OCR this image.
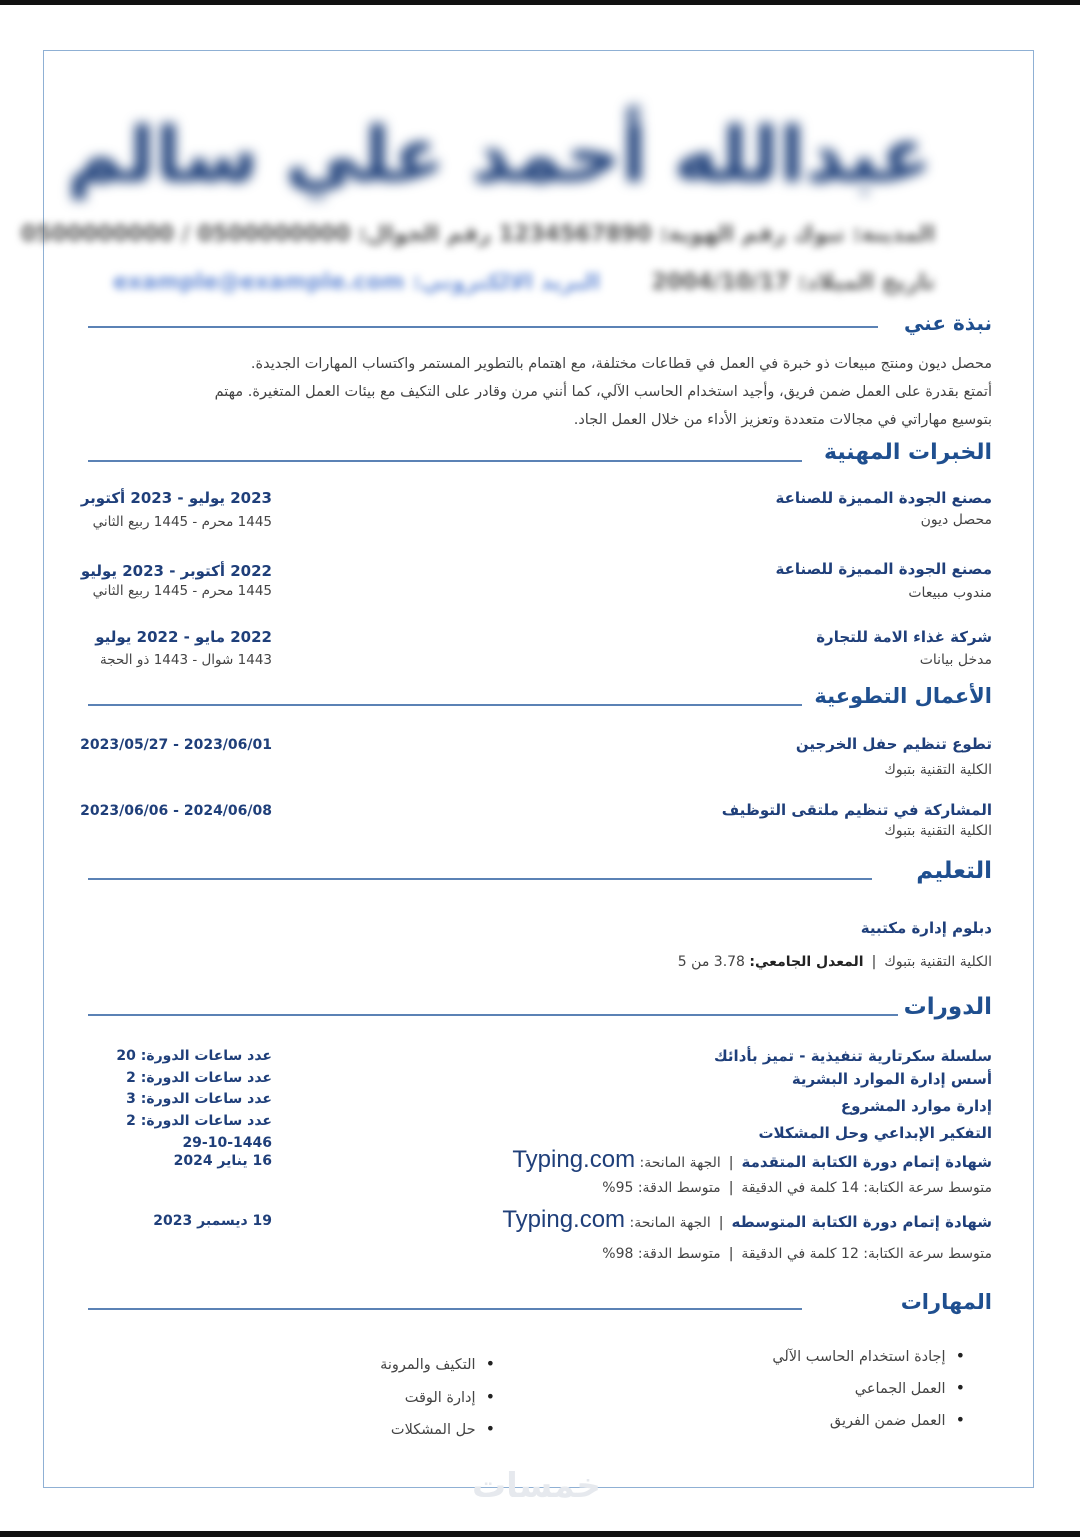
عبدالله أحمد علي سالم
المدينة: تبوك رقم الهوية: 1234567890 رقم الجوال: 0500000000 / 0500000000
تاريخ الميلاد: 2004/10/17
البريد الالكتروني: example@example.com
نبذة عني
محصل ديون ومنتج مبيعات ذو خبرة في العمل في قطاعات مختلفة، مع اهتمام بالتطوير المستمر واكتساب المهارات الجديدة.
أتمتع بقدرة على العمل ضمن فريق، وأجيد استخدام الحاسب الآلي، كما أنني مرن وقادر على التكيف مع بيئات العمل المتغيرة. مهتم
بتوسيع مهاراتي في مجالات متعددة وتعزيز الأداء من خلال العمل الجاد.
الخبرات المهنية
مصنع الجودة المميزة للصناعة
محصل ديون
2023 يوليو - 2023 أكتوبر
1445 محرم - 1445 ربيع الثاني
مصنع الجودة المميزة للصناعة
مندوب مبيعات
2022 أكتوبر - 2023 يوليو
1445 محرم - 1445 ربيع الثاني
شركة غذاء الامة للتجارة
مدخل بيانات
2022 مايو - 2022 يوليو
1443 شوال - 1443 ذو الحجة
الأعمال التطوعية
تطوع تنظيم حفل الخرجين
الكلية التقنية بتبوك
2023/06/01 - 2023/05/27
المشاركة في تنظيم ملتقى التوظيف
الكلية التقنية بتبوك
2024/06/08 - 2023/06/06
التعليم
دبلوم إدارة مكتبية
الكلية التقنية بتبوك|المعدل الجامعي: 3.78 من 5
الدورات
سلسلة سكرتارية تنفيذية - تميز بأدائك
أسس إدارة الموارد البشرية
إدارة موارد المشروع
التفكير الإبداعي وحل المشكلات
عدد ساعات الدورة: 20
عدد ساعات الدورة: 2
عدد ساعات الدورة: 3
عدد ساعات الدورة: 2
29-10-1446
16 يناير 2024
19 ديسمبر 2023
شهادة إتمام دورة الكتابة المتقدمة|الجهة المانحة: Typing.com
متوسط سرعة الكتابة: 14 كلمة في الدقيقة|متوسط الدقة: 95%
شهادة إتمام دورة الكتابة المتوسطه|الجهة المانحة: Typing.com
متوسط سرعة الكتابة: 12 كلمة في الدقيقة|متوسط الدقة: 98%
المهارات
• إجادة استخدام الحاسب الآلي
• العمل الجماعي
• العمل ضمن الفريق
• التكيف والمرونة
• إدارة الوقت
• حل المشكلات
خمسات
